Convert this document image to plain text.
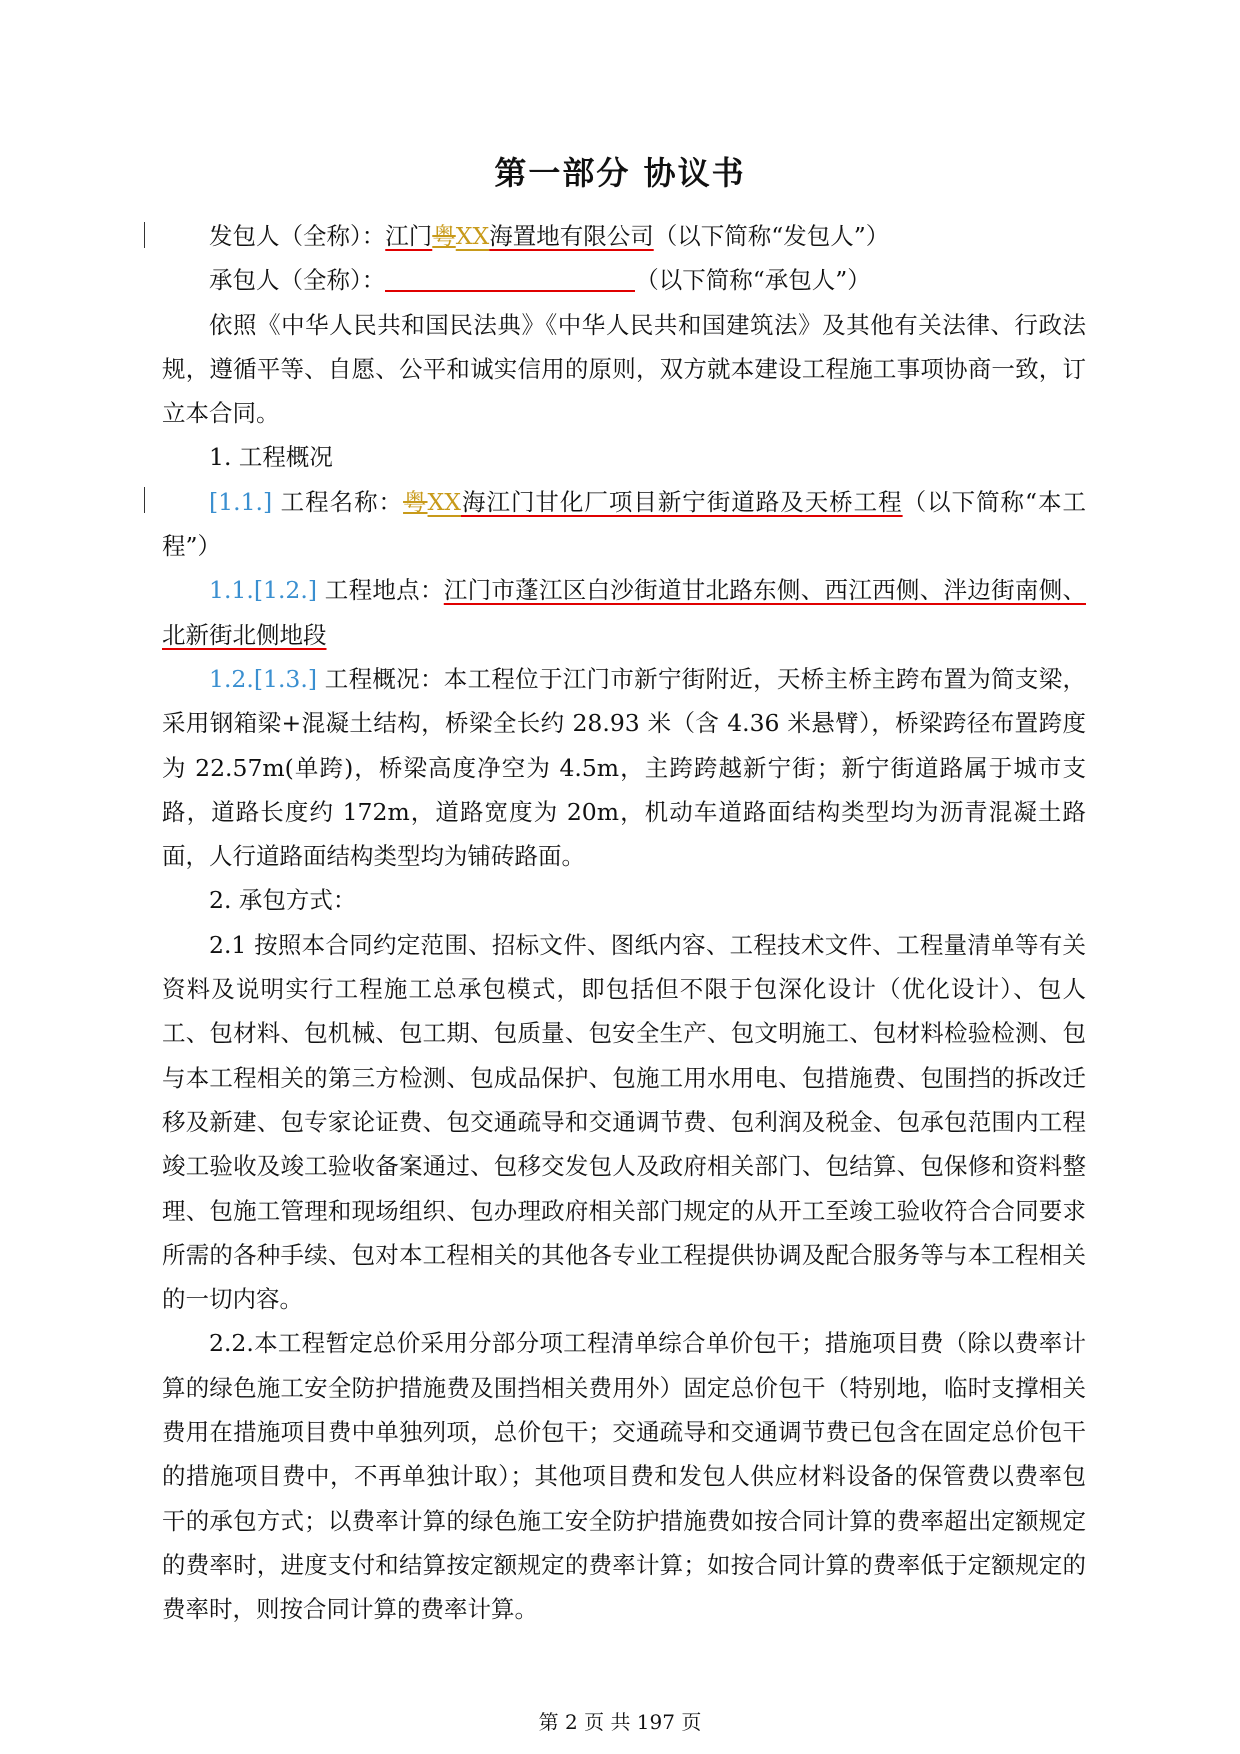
第一部分 协议书

发包人（全称）：江门粤XX海置地有限公司（以下简称“发包人”）

承包人（全称）：	（以下简称“承包人”）

依照《中华人民共和国民法典》《中华人民共和国建筑法》及其他有关法律、行政法规，遵循平等、自愿、公平和诚实信用的原则，双方就本建设工程施工事项协商一致，订立本合同。

1. 工程概况

[1.1.] 工程名称：粤XX海江门甘化厂项目新宁街道路及天桥工程（以下简称“本工程”）

1.1.[1.2.] 工程地点：江门市蓬江区白沙街道甘北路东侧、西江西侧、泮边街南侧、北新街北侧地段

1.2.[1.3.] 工程概况：本工程位于江门市新宁街附近，天桥主桥主跨布置为简支梁，采用钢箱梁+混凝土结构，桥梁全长约 28.93 米（含 4.36 米悬臂），桥梁跨径布置跨度为 22.57m(单跨)，桥梁高度净空为 4.5m，主跨跨越新宁街；新宁街道路属于城市支路，道路长度约 172m，道路宽度为 20m，机动车道路面结构类型均为沥青混凝土路面，人行道路面结构类型均为铺砖路面。

2. 承包方式：

2.1 按照本合同约定范围、招标文件、图纸内容、工程技术文件、工程量清单等有关资料及说明实行工程施工总承包模式，即包括但不限于包深化设计（优化设计）、包人工、包材料、包机械、包工期、包质量、包安全生产、包文明施工、包材料检验检测、包与本工程相关的第三方检测、包成品保护、包施工用水用电、包措施费、包围挡的拆改迁移及新建、包专家论证费、包交通疏导和交通调节费、包利润及税金、包承包范围内工程竣工验收及竣工验收备案通过、包移交发包人及政府相关部门、包结算、包保修和资料整理、包施工管理和现场组织、包办理政府相关部门规定的从开工至竣工验收符合合同要求所需的各种手续、包对本工程相关的其他各专业工程提供协调及配合服务等与本工程相关的一切内容。

2.2.本工程暂定总价采用分部分项工程清单综合单价包干；措施项目费（除以费率计算的绿色施工安全防护措施费及围挡相关费用外）固定总价包干（特别地，临时支撑相关费用在措施项目费中单独列项，总价包干；交通疏导和交通调节费已包含在固定总价包干的措施项目费中，不再单独计取）；其他项目费和发包人供应材料设备的保管费以费率包干的承包方式；以费率计算的绿色施工安全防护措施费如按合同计算的费率超出定额规定的费率时，进度支付和结算按定额规定的费率计算；如按合同计算的费率低于定额规定的费率时，则按合同计算的费率计算。

第 2 页 共 197 页
